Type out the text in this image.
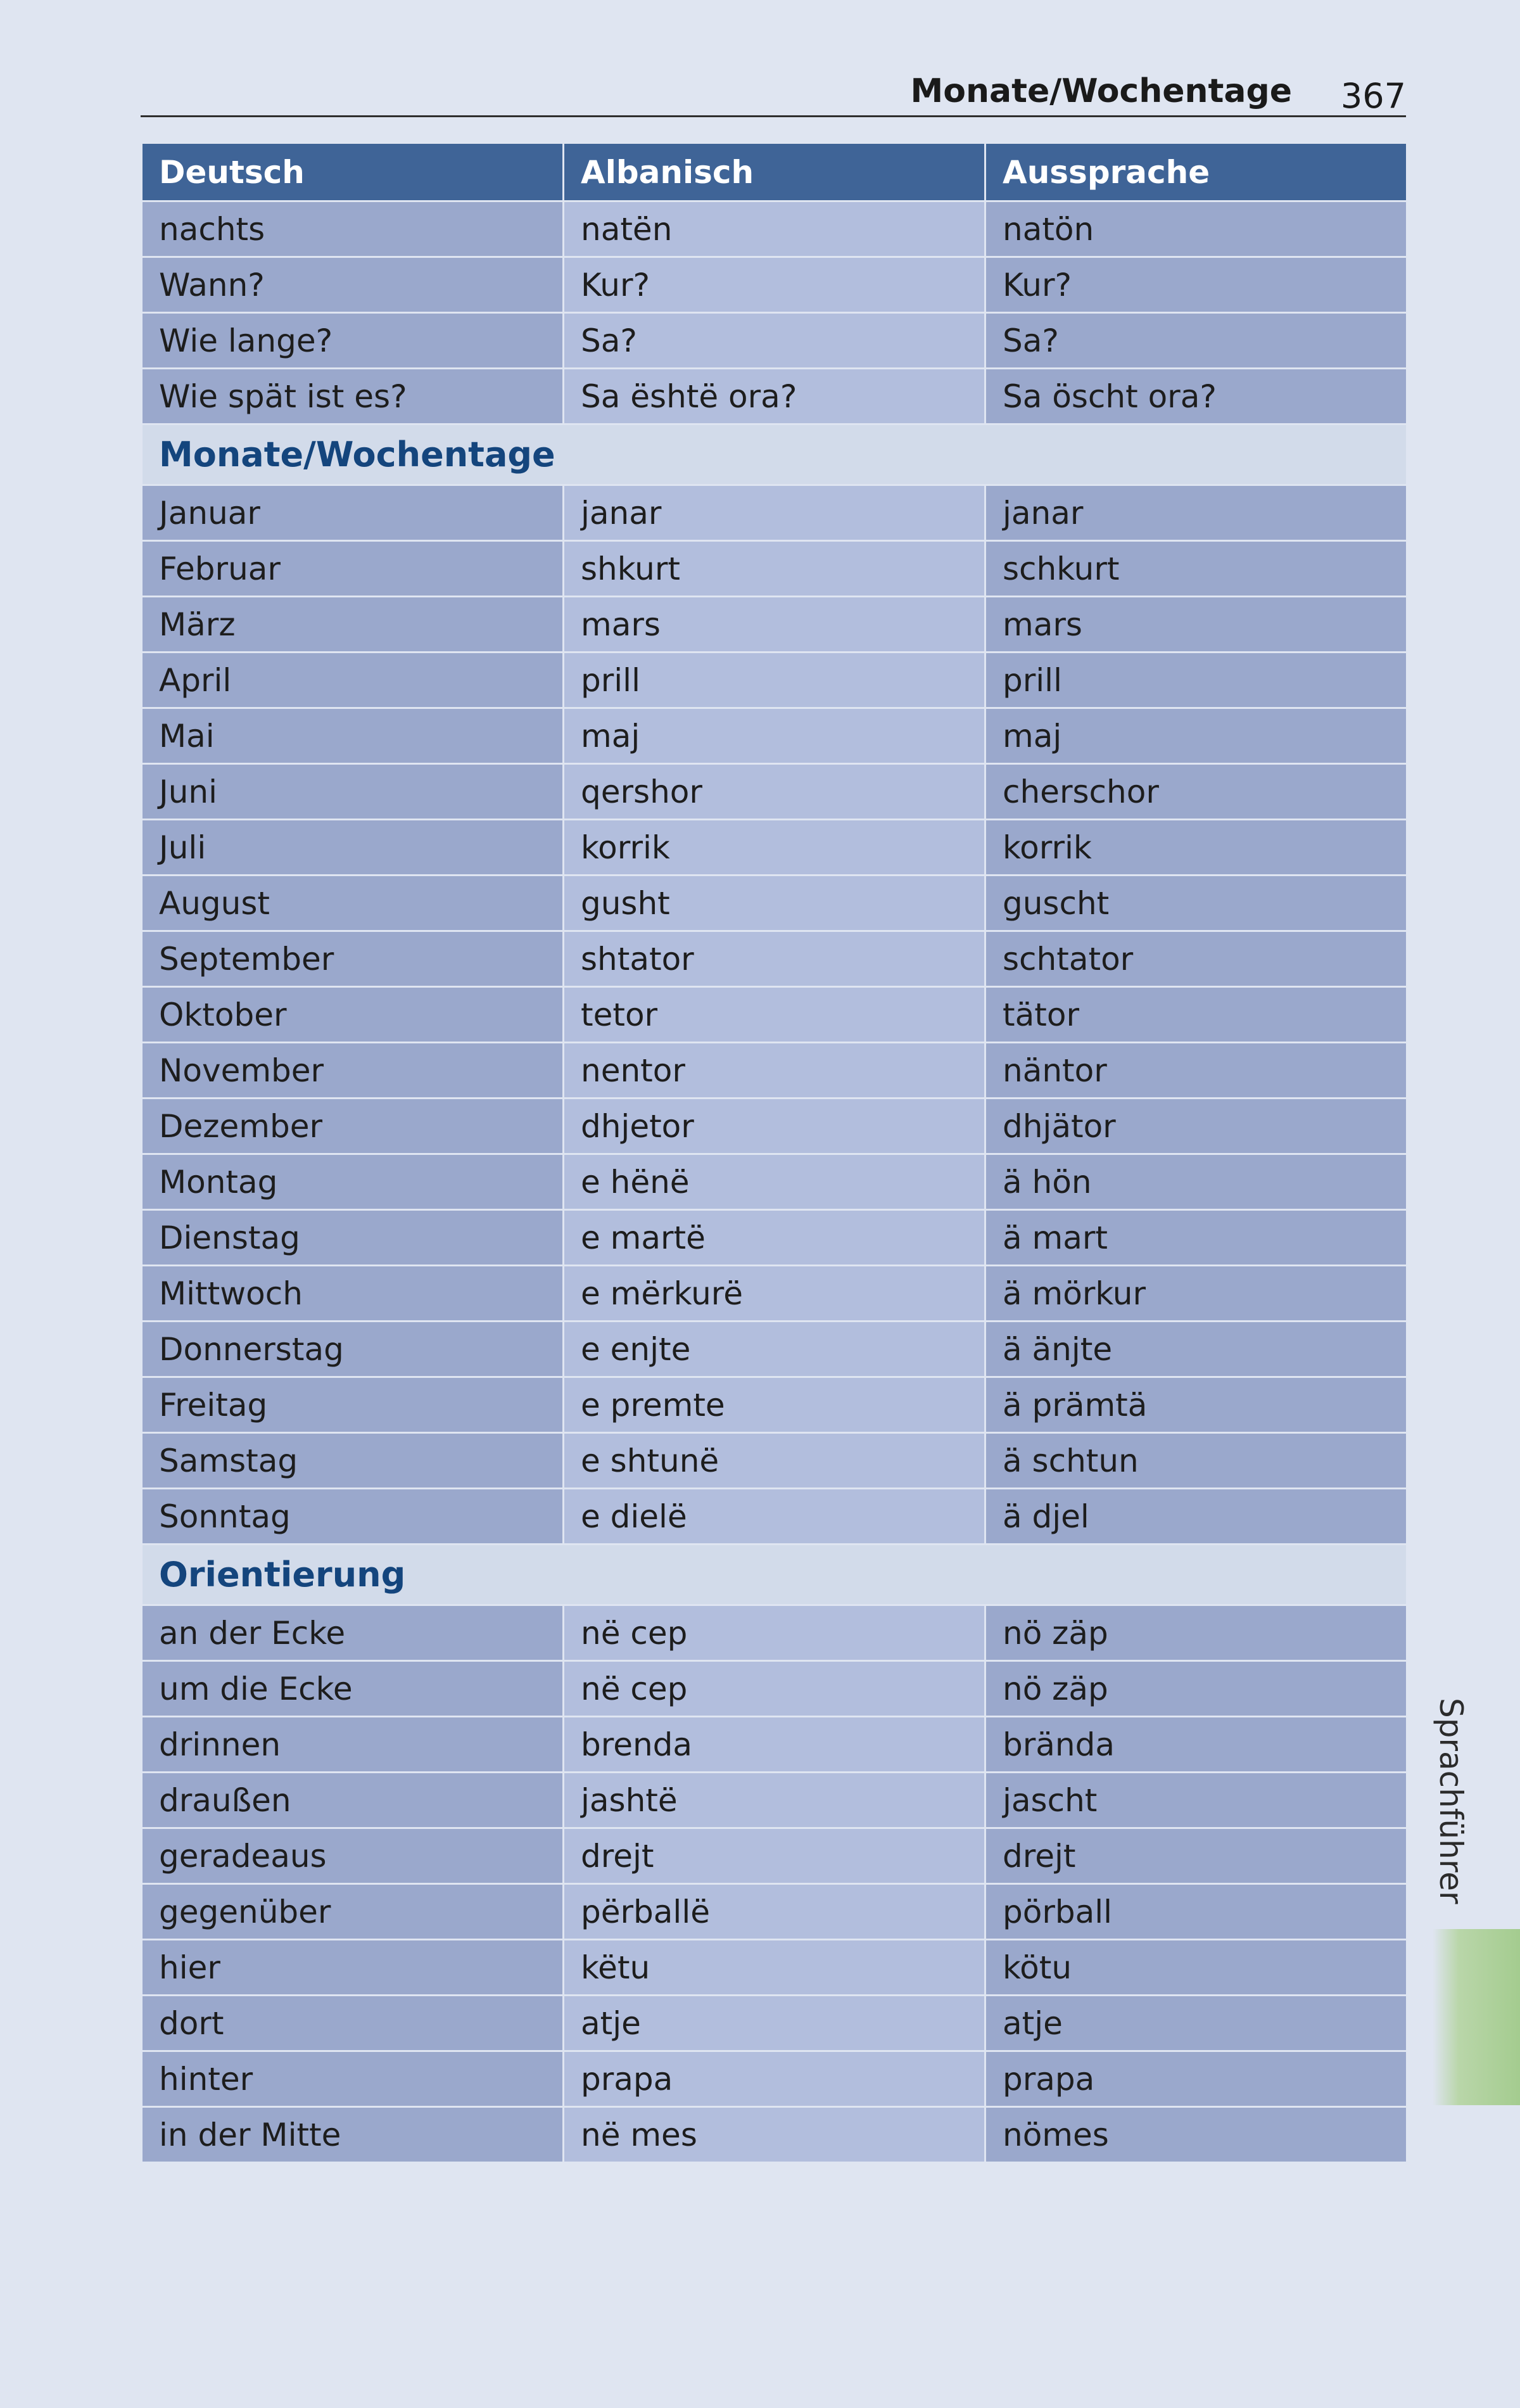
Monate/Wochentage 367
Deutsch	Albanisch	Aussprache
nachts	natën	natön
Wann?	Kur?	Kur?
Wie lange?	Sa?	Sa?
Wie spät ist es?	Sa është ora?	Sa öscht ora?
Monate/Wochentage		
Januar	janar	janar
Februar	shkurt	schkurt
März	mars	mars
April	prill	prill
Mai	maj	maj
Juni	qershor	cherschor
Juli	korrik	korrik
August	gusht	guscht
September	shtator	schtator
Oktober	tetor	tätor
November	nentor	näntor
Dezember	dhjetor	dhjätor
Montag	e hënë	ä hön
Dienstag	e martë	ä mart
Mittwoch	e mërkurë	ä mörkur
Donnerstag	e enjte	ä änjte
Freitag	e premte	ä prämtä
Samstag	e shtunë	ä schtun
Sonntag	e dielë	ä djel
Orientierung		
an der Ecke	në cep	nö zäp
um die Ecke	në cep	nö zäp
drinnen	brenda	brända
draußen	jashtë	jascht
geradeaus	drejt	drejt
gegenüber	përballë	pörball
hier	këtu	kötu
dort	atje	atje
hinter	prapa	prapa
in der Mitte	në mes	nömes
Sprachführer
